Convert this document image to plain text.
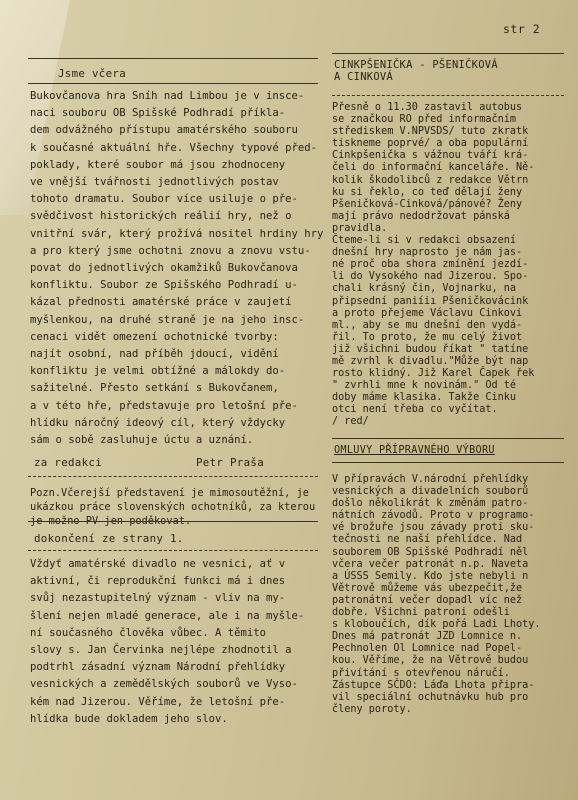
str 2
Jsme včera
Bukovčanova hra Sníh nad Limbou je v insce-
naci souboru OB Spišské Podhradí příkla-
dem odvážného přístupu amatérského souboru
k současné aktuální hře. Všechny typové před-
poklady, které soubor má jsou zhodnoceny
ve vnější tvářnosti jednotlivých postav
tohoto dramatu. Soubor více usiluje o pře-
svědčivost historických reálií hry, než o
vnitřní svár, který prožívá nositel hrdiny hry
a pro který jsme ochotni znovu a znovu vstu-
povat do jednotlivých okamžiků Bukovčanova
konfliktu. Soubor ze Spišského Podhradí u-
kázal přednosti amatérské práce v zaujetí
myšlenkou, na druhé straně je na jeho insc-
cenaci vidět omezení ochotnické tvorby:
najít osobní, nad příběh jdoucí, vidění
konfliktu je velmi obtížné a málokdy do-
sažitelné. Přesto setkání s Bukovčanem,
a v této hře, představuje pro letošní pře-
hlídku náročný ideový cíl, který vždycky
sám o sobě zasluhuje úctu a uznání.
za redakci	Petr Praša
Pozn.Včerejší představení je mimosoutěžní, je ukázkou práce slovenských ochotníků, za kterou je možno PV jen poděkovat.
dokončení ze strany 1.
Vždyť amatérské divadlo ne vesnici, ať v
aktivní, či reprodukční funkci má i dnes
svůj nezastupitelný význam - vliv na my-
šlení nejen mladé generace, ale i na myšle-
ní současného člověka vůbec. A těmito
slovy s. Jan Červinka nejlépe zhodnotil a
podtrhl zásadní význam Národní přehlídky
vesnických a zemědělských souborů ve Vyso-
kém nad Jizerou. Věříme, že letošní pře-
hlídka bude dokladem jeho slov.
CINKPŠENIČKA - PŠENIČKOVÁ
A CINKOVÁ
Přesně o 11.30 zastavil autobus
se značkou RO před informačním
střediskem V.NPVSDS/ tuto zkratk
tiskneme poprvé/ a oba populární
Cinkpšenička s vážnou tváří krá-
čeli do informační kanceláře. Ně-
kolik škodolibců z redakce Větrn
ku si řeklo, co teď dělají ženy
Pšeničková-Cinková/pánové? Ženy
mají právo nedodržovat pánská
pravidla.
Čteme-li si v redakci obsazení
dnešní hry naprosto je nám jas-
né proč oba shora zmínění jezdí-
li do Vysokého nad Jizerou. Spo-
chali krásný čin, Vojnarku, na
připsední paniíiı Pšeničkovácink
a proto přejeme Václavu Cinkovi
ml., aby se mu dnešní den vydá-
řil. To proto, že mu celý život
již všichni budou říkat " tatíne
mě zvrhl k divadlu."Může být nap
rosto klidný. Již Karel Čapek řek
" zvrhli mne k novinám." Od té
doby máme klasika. Takže Cinku
otci není třeba co vyčítat.
/ red/
OMLUVY PŘÍPRAVNÉHO VÝBORU
V přípravách V.národní přehlídky
vesnických a divadelních souborů
došlo několikrát k změnám patro-
nátních závodů. Proto v programo-
vé brožuře jsou závady proti sku-
tečnosti ne naší přehlídce. Nad
souborem OB Spišské Podhradí něl
včera večer patronát n.p. Naveta
a ÚSSS Semily. Kdo jste nebyli n
Větrově můžeme vás ubezpečit,že
patronátní večer dopadl víc než
dobře. Všichni patroni odešli
s kloboučích, dík pořá Ladi Lhoty.
Dnes má patronát JZD Lomnice n.
Pechnolen Ol Lomnice nad Popel-
kou. Věříme, že na Větrově budou
přivítání s otevřenou náručí.
Zástupce SČDO: Láďa Lhota připra-
vil speciální ochutnávku hub pro
členy poroty.
